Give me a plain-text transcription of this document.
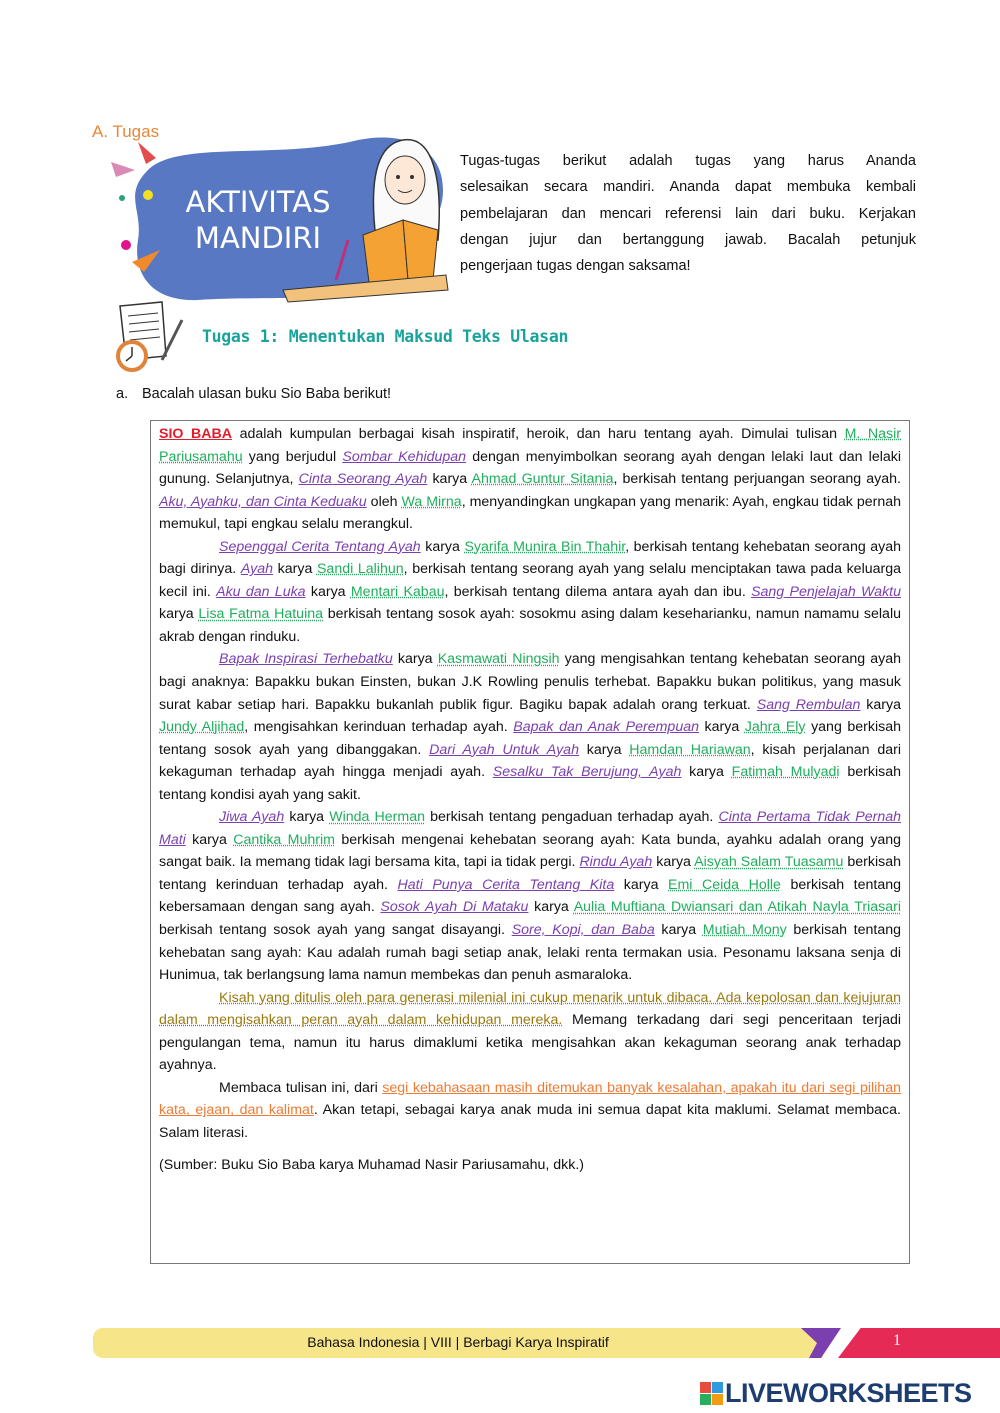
A. Tugas
AKTIVITAS
MANDIRI
Tugas-tugas berikut adalah tugas yang harus Ananda
selesaikan secara mandiri. Ananda dapat membuka kembali
pembelajaran dan mencari referensi lain dari buku. Kerjakan
dengan jujur dan bertanggung jawab. Bacalah petunjuk
pengerjaan tugas dengan saksama!
Tugas 1: Menentukan Maksud Teks Ulasan
a. Bacalah ulasan buku Sio Baba berikut!

SIO BABA adalah kumpulan berbagai kisah inspiratif, heroik, dan haru tentang ayah. Dimulai tulisan M. Nasir Pariusamahu yang berjudul Sombar Kehidupan dengan menyimbolkan seorang ayah dengan lelaki laut dan lelaki gunung. Selanjutnya, Cinta Seorang Ayah karya Ahmad Guntur Sitania, berkisah tentang perjuangan seorang ayah. Aku, Ayahku, dan Cinta Keduaku oleh Wa Mirna, menyandingkan ungkapan yang menarik: Ayah, engkau tidak pernah memukul, tapi engkau selalu merangkul.

Sepenggal Cerita Tentang Ayah karya Syarifa Munira Bin Thahir, berkisah tentang kehebatan seorang ayah bagi dirinya. Ayah karya Sandi Lalihun, berkisah tentang seorang ayah yang selalu menciptakan tawa pada keluarga kecil ini. Aku dan Luka karya Mentari Kabau, berkisah tentang dilema antara ayah dan ibu. Sang Penjelajah Waktu karya Lisa Fatma Hatuina berkisah tentang sosok ayah: sosokmu asing dalam keseharianku, namun namamu selalu akrab dengan rinduku.

Bapak Inspirasi Terhebatku karya Kasmawati Ningsih yang mengisahkan tentang kehebatan seorang ayah bagi anaknya: Bapakku bukan Einsten, bukan J.K Rowling penulis terhebat. Bapakku bukan politikus, yang masuk surat kabar setiap hari. Bapakku bukanlah publik figur. Bagiku bapak adalah orang terkuat. Sang Rembulan karya Jundy Aljihad, mengisahkan kerinduan terhadap ayah. Bapak dan Anak Perempuan karya Jahra Ely yang berkisah tentang sosok ayah yang dibanggakan. Dari Ayah Untuk Ayah karya Hamdan Hariawan, kisah perjalanan dari kekaguman terhadap ayah hingga menjadi ayah. Sesalku Tak Berujung, Ayah karya Fatimah Mulyadi berkisah tentang kondisi ayah yang sakit.

Jiwa Ayah karya Winda Herman berkisah tentang pengaduan terhadap ayah. Cinta Pertama Tidak Pernah Mati karya Cantika Muhrim berkisah mengenai kehebatan seorang ayah: Kata bunda, ayahku adalah orang yang sangat baik. Ia memang tidak lagi bersama kita, tapi ia tidak pergi. Rindu Ayah karya Aisyah Salam Tuasamu berkisah tentang kerinduan terhadap ayah. Hati Punya Cerita Tentang Kita karya Emi Ceida Holle berkisah tentang kebersamaan dengan sang ayah. Sosok Ayah Di Mataku karya Aulia Muftiana Dwiansari dan Atikah Nayla Triasari berkisah tentang sosok ayah yang sangat disayangi. Sore, Kopi, dan Baba karya Mutiah Mony berkisah tentang kehebatan sang ayah: Kau adalah rumah bagi setiap anak, lelaki renta termakan usia. Pesonamu laksana senja di Hunimua, tak berlangsung lama namun membekas dan penuh asmaraloka.

Kisah yang ditulis oleh para generasi milenial ini cukup menarik untuk dibaca. Ada kepolosan dan kejujuran dalam mengisahkan peran ayah dalam kehidupan mereka. Memang terkadang dari segi penceritaan terjadi pengulangan tema, namun itu harus dimaklumi ketika mengisahkan akan kekaguman seorang anak terhadap ayahnya.

Membaca tulisan ini, dari segi kebahasaan masih ditemukan banyak kesalahan, apakah itu dari segi pilihan kata, ejaan, dan kalimat. Akan tetapi, sebagai karya anak muda ini semua dapat kita maklumi. Selamat membaca. Salam literasi.

(Sumber: Buku Sio Baba karya Muhamad Nasir Pariusamahu, dkk.)

Bahasa Indonesia | VIII | Berbagi Karya Inspiratif	1
LIVEWORKSHEETS
